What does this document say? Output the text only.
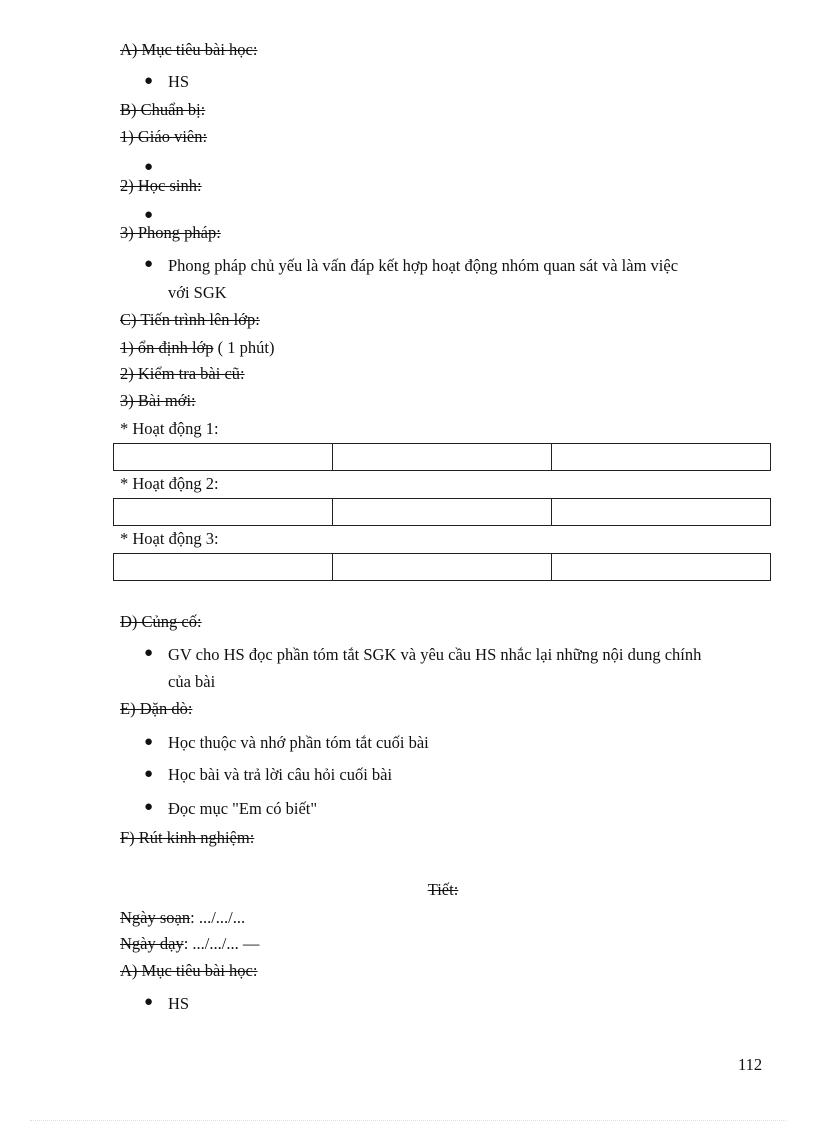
A) Mục tiêu bài học:
● HS
B) Chuẩn bị:
1) Giáo viên:
●
2) Học sinh:
●
3) Phong pháp:
● Phong pháp chủ yếu là vấn đáp kết hợp hoạt động nhóm quan sát và làm việc
với SGK
C) Tiến trình lên lớp:
1) ổn định lớp ( 1 phút)
2) Kiểm tra bài cũ:
3) Bài mới:
* Hoạt động 1:

* Hoạt động 2:

* Hoạt động 3:

D) Củng cố:
● GV cho HS đọc phần tóm tắt SGK và yêu cầu HS nhắc lại những nội dung chính
của bài
E) Dặn dò:
● Học thuộc và nhớ phần tóm tắt cuối bài
● Học bài và trả lời câu hỏi cuối bài
● Đọc mục "Em có biết"
F) Rút kinh nghiệm:
Tiết:
Ngày soạn: .../.../...
Ngày dạy: .../.../... —
A) Mục tiêu bài học:
● HS
112
